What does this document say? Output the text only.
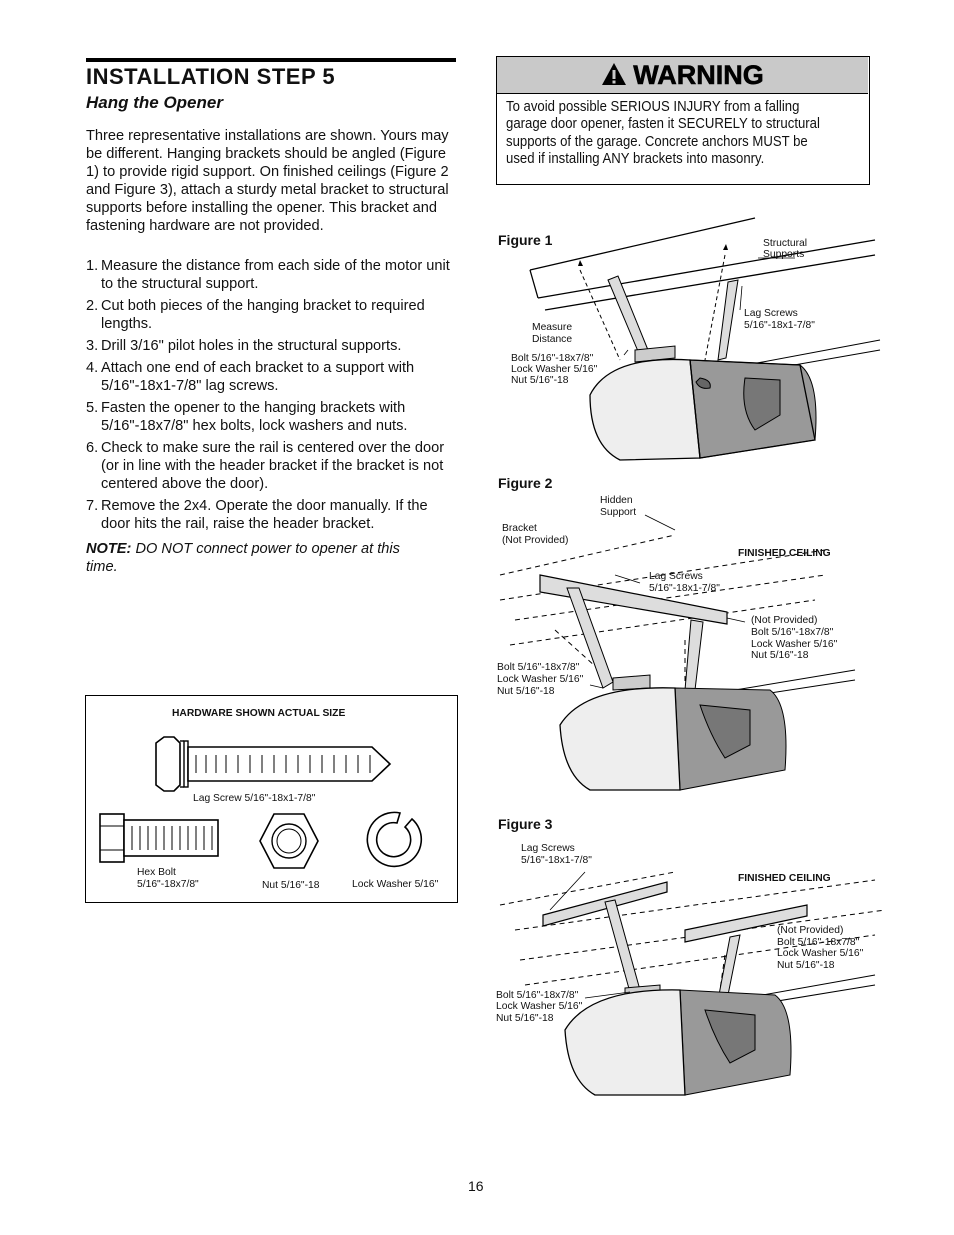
INSTALLATION STEP 5
Hang the Opener
Three representative installations are shown. Yours may be different. Hanging brackets should be angled (Figure 1) to provide rigid support. On finished ceilings (Figure 2 and Figure 3), attach a sturdy metal bracket to structural supports before installing the opener. This bracket and fastening hardware are not provided.
1. Measure the distance from each side of the motor unit to the structural support.
2. Cut both pieces of the hanging bracket to required lengths.
3. Drill 3/16" pilot holes in the structural supports.
4. Attach one end of each bracket to a support with 5/16"-18x1-7/8" lag screws.
5. Fasten the opener to the hanging brackets with 5/16"-18x7/8" hex bolts, lock washers and nuts.
6. Check to make sure the rail is centered over the door (or in line with the header bracket if the bracket is not centered above the door).
7. Remove the 2x4. Operate the door manually. If the door hits the rail, raise the header bracket.
NOTE: DO NOT connect power to opener at this time.
HARDWARE SHOWN ACTUAL SIZE
Lag Screw 5/16"-18x1-7/8"
Hex Bolt
5/16"-18x7/8"	Nut 5/16"-18	Lock Washer 5/16"
WARNING
To avoid possible SERIOUS INJURY from a falling garage door opener, fasten it SECURELY to structural supports of the garage. Concrete anchors MUST be used if installing ANY brackets into masonry.
Figure 1	Structural
Supports
Lag Screws
5/16"-18x1-7/8"
Measure
Distance
Bolt 5/16"-18x7/8"
Lock Washer 5/16"
Nut 5/16"-18
Figure 2
Hidden
Support
Bracket
(Not Provided)
FINISHED CEILING
Lag Screws
5/16"-18x1-7/8"
(Not Provided)
Bolt 5/16"-18x7/8"
Lock Washer 5/16"
Nut 5/16"-18
Bolt 5/16"-18x7/8"
Lock Washer 5/16"
Nut 5/16"-18
Figure 3
Lag Screws
5/16"-18x1-7/8"
FINISHED CEILING
(Not Provided)
Bolt 5/16"-18x7/8"
Lock Washer 5/16"
Nut 5/16"-18
Bolt 5/16"-18x7/8"
Lock Washer 5/16"
Nut 5/16"-18
16
